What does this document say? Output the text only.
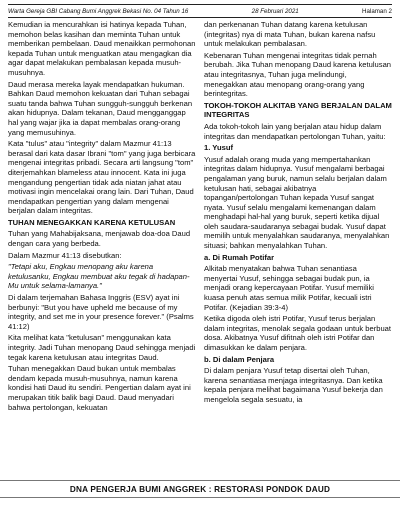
Warta Gereja GBI Cabang Bumi Anggrek Bekasi No. 04 Tahun 16	28 Februari 2021	Halaman 2

Kemudian ia mencurahkan isi hatinya kepada Tuhan, memohon belas kasihan dan meminta Tuhan untuk memberikan pembelaan. Daud menaikkan permohonan kepada Tuhan untuk menguatkan atau mengagkan dia agar dapat melakukan pembalasan kepada musuh-musuhnya.

Daud merasa mereka layak mendapatkan hukuman. Bahkan Daud memohon kekuatan dari Tuhan sebagai suatu tanda bahwa Tuhan sungguh-sungguh berkenan akan hidupnya. Dalam tekanan, Daud mengganggap hal yang wajar jika ia dapat membalas orang-orang yang memusuhinya.

Kata "tulus" atau "integrity" dalam Mazmur 41:13 berasal dari kata dasar Ibrani "tom" yang juga berbicara mengenai integritas pribadi. Secara arti langsung "tom" diterjemahkan blameless atau innocent. Kata ini juga mengandung pengertian tidak ada niatan jahat atau motivasi ingin mencelakai orang lain. Dari Tuhan, Daud mendapatkan pengertian yang dalam mengenai berjalan dalam integritas.

TUHAN MENEGAKKAN KARENA KETULUSAN

Tuhan yang Mahabijaksana, menjawab doa-doa Daud dengan cara yang berbeda.

Dalam Mazmur 41:13 disebutkan:

"Tetapi aku, Engkau menopang aku karena ketulusanku, Engkau membuat aku tegak di hadapan-Mu untuk selama-lamanya."

Di dalam terjemahan Bahasa Inggris (ESV) ayat ini berbunyi: "But you have upheld me because of my integrity, and set me in your presence forever." (Psalms 41:12)

Kita melihat kata "ketulusan" menggunakan kata integrity. Jadi Tuhan menopang Daud sehingga menjadi tegak karena ketulusan atau integritas Daud.

Tuhan menegakkan Daud bukan untuk membalas dendam kepada musuh-musuhnya, namun karena kondisi hati Daud itu sendiri. Pengertian dalam ayat ini merupakan titik balik bagi Daud. Daud menyadari bahwa pertolongan, kekuatan

dan perkenanan Tuhan datang karena ketulusan (integritas) nya di mata Tuhan, bukan karena nafsu untuk melakukan pembalasan.

Kebenaran Tuhan mengenai integritas tidak pernah berubah. Jika Tuhan menopang Daud karena ketulusan atau integritasnya, Tuhan juga melindungi, menegakkan atau menopang orang-orang yang berintegritas.

TOKOH-TOKOH ALKITAB YANG BERJALAN DALAM INTEGRITAS

Ada tokoh-tokoh lain yang berjalan atau hidup dalam integritas dan mendapatkan pertolongan Tuhan, yaitu:

1. Yusuf

Yusuf adalah orang muda yang mempertahankan integritas dalam hidupnya. Yusuf mengalami berbagai pengalaman yang buruk, namun selalu berjalan dalam ketulusan hati, sebagai akibatnya topangan/pertolongan Tuhan kepada Yusuf sangat nyata. Yusuf selalu mengalami kemenangan dalam menghadapi hal-hal yang buruk, seperti ketika dijual oleh saudara-saudaranya sebagai budak. Yusuf dapat memilih untuk menyalahkan saudaranya, menyalahkan situasi; bahkan menyalahkan Tuhan.

a. Di Rumah Potifar

Alkitab menyatakan bahwa Tuhan senantiasa menyertai Yusuf, sehingga sebagai budak pun, ia menjadi orang kepercayaan Potifar. Yusuf memiliki kuasa penuh atas semua milik Potifar, kecuali istri Potifar. (Kejadian 39:3-4)

Ketika digoda oleh istri Potifar, Yusuf terus berjalan dalam integritas, menolak segala godaan untuk berbuat dosa. Akibatnya Yusuf difitnah oleh istri Potifar dan dimasukkan ke dalam penjara.

b. Di dalam Penjara

Di dalam penjara Yusuf tetap disertai oleh Tuhan, karena senantiasa menjaga integritasnya. Dan ketika kepala penjara melihat bagaimana Yusuf bekerja dan mengelola segala sesuatu, ia

DNA PENGERJA BUMI ANGGREK : RESTORASI PONDOK DAUD
